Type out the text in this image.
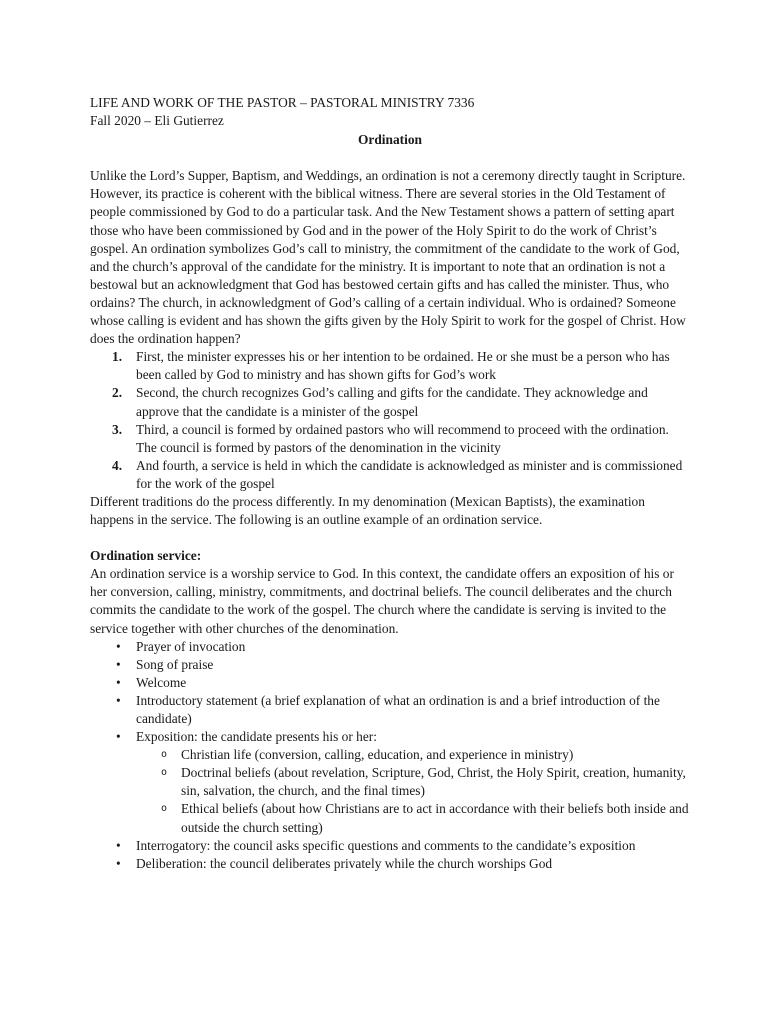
LIFE AND WORK OF THE PASTOR – PASTORAL MINISTRY 7336

Fall 2020 – Eli Gutierrez

Ordination

Unlike the Lord’s Supper, Baptism, and Weddings, an ordination is not a ceremony directly taught in Scripture. However, its practice is coherent with the biblical witness. There are several stories in the Old Testament of people commissioned by God to do a particular task. And the New Testament shows a pattern of setting apart those who have been commissioned by God and in the power of the Holy Spirit to do the work of Christ’s gospel. An ordination symbolizes God’s call to ministry, the commitment of the candidate to the work of God, and the church’s approval of the candidate for the ministry. It is important to note that an ordination is not a bestowal but an acknowledgment that God has bestowed certain gifts and has called the minister. Thus, who ordains? The church, in acknowledgment of God’s calling of a certain individual. Who is ordained? Someone whose calling is evident and has shown the gifts given by the Holy Spirit to work for the gospel of Christ. How does the ordination happen?

1. First, the minister expresses his or her intention to be ordained. He or she must be a person who has been called by God to ministry and has shown gifts for God’s work
2. Second, the church recognizes God’s calling and gifts for the candidate. They acknowledge and approve that the candidate is a minister of the gospel
3. Third, a council is formed by ordained pastors who will recommend to proceed with the ordination. The council is formed by pastors of the denomination in the vicinity
4. And fourth, a service is held in which the candidate is acknowledged as minister and is commissioned for the work of the gospel

Different traditions do the process differently. In my denomination (Mexican Baptists), the examination happens in the service. The following is an outline example of an ordination service.

Ordination service:

An ordination service is a worship service to God. In this context, the candidate offers an exposition of his or her conversion, calling, ministry, commitments, and doctrinal beliefs. The council deliberates and the church commits the candidate to the work of the gospel. The church where the candidate is serving is invited to the service together with other churches of the denomination.

• Prayer of invocation
• Song of praise
• Welcome
• Introductory statement (a brief explanation of what an ordination is and a brief introduction of the candidate)
• Exposition: the candidate presents his or her:
o Christian life (conversion, calling, education, and experience in ministry)
o Doctrinal beliefs (about revelation, Scripture, God, Christ, the Holy Spirit, creation, humanity, sin, salvation, the church, and the final times)
o Ethical beliefs (about how Christians are to act in accordance with their beliefs both inside and outside the church setting)
• Interrogatory: the council asks specific questions and comments to the candidate’s exposition
• Deliberation: the council deliberates privately while the church worships God
